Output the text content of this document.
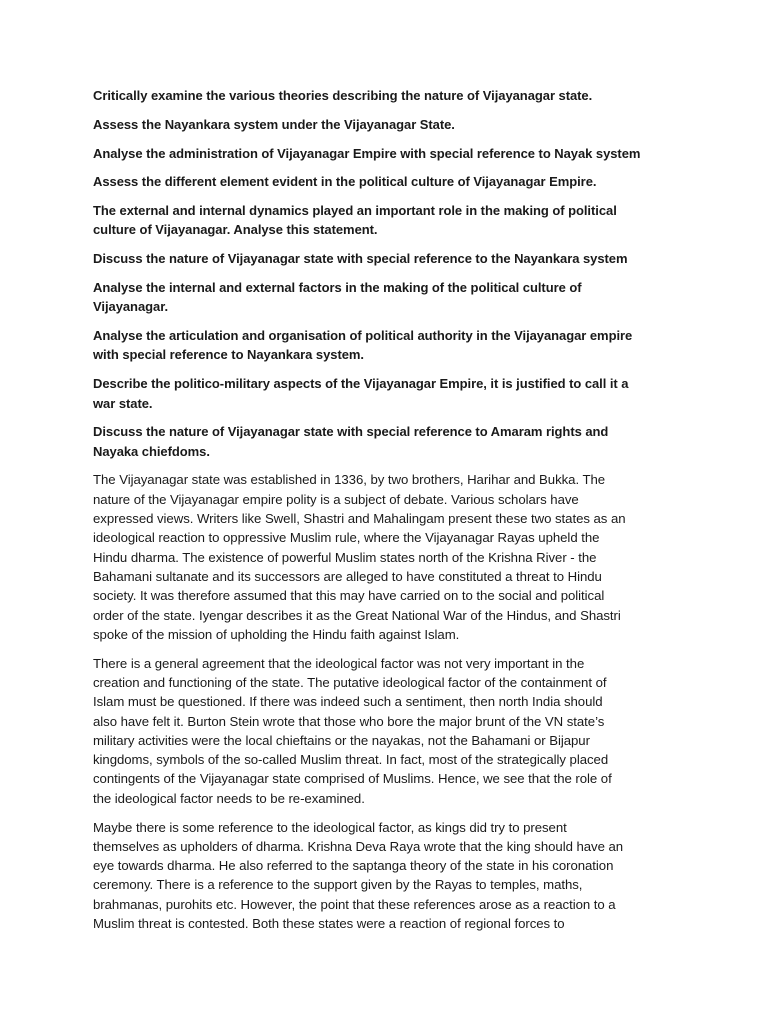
Critically examine the various theories describing the nature of Vijayanagar state.
Assess the Nayankara system under the Vijayanagar State.
Analyse the administration of Vijayanagar Empire with special reference to Nayak system
Assess the different element evident in the political culture of Vijayanagar Empire.
The external and internal dynamics played an important role in the making of political
culture of Vijayanagar. Analyse this statement.
Discuss the nature of Vijayanagar state with special reference to the Nayankara system
Analyse the internal and external factors in the making of the political culture of
Vijayanagar.
Analyse the articulation and organisation of political authority in the Vijayanagar empire
with special reference to Nayankara system.
Describe the politico-military aspects of the Vijayanagar Empire, it is justified to call it a
war state.
Discuss the nature of Vijayanagar state with special reference to Amaram rights and
Nayaka chiefdoms.
The Vijayanagar state was established in 1336, by two brothers, Harihar and Bukka. The
nature of the Vijayanagar empire polity is a subject of debate. Various scholars have
expressed views. Writers like Swell, Shastri and Mahalingam present these two states as an
ideological reaction to oppressive Muslim rule, where the Vijayanagar Rayas upheld the
Hindu dharma. The existence of powerful Muslim states north of the Krishna River - the
Bahamani sultanate and its successors are alleged to have constituted a threat to Hindu
society. It was therefore assumed that this may have carried on to the social and political
order of the state. Iyengar describes it as the Great National War of the Hindus, and Shastri
spoke of the mission of upholding the Hindu faith against Islam.
There is a general agreement that the ideological factor was not very important in the
creation and functioning of the state. The putative ideological factor of the containment of
Islam must be questioned. If there was indeed such a sentiment, then north India should
also have felt it. Burton Stein wrote that those who bore the major brunt of the VN state’s
military activities were the local chieftains or the nayakas, not the Bahamani or Bijapur
kingdoms, symbols of the so-called Muslim threat. In fact, most of the strategically placed
contingents of the Vijayanagar state comprised of Muslims. Hence, we see that the role of
the ideological factor needs to be re-examined.
Maybe there is some reference to the ideological factor, as kings did try to present
themselves as upholders of dharma. Krishna Deva Raya wrote that the king should have an
eye towards dharma. He also referred to the saptanga theory of the state in his coronation
ceremony. There is a reference to the support given by the Rayas to temples, maths,
brahmanas, purohits etc. However, the point that these references arose as a reaction to a
Muslim threat is contested. Both these states were a reaction of regional forces to
